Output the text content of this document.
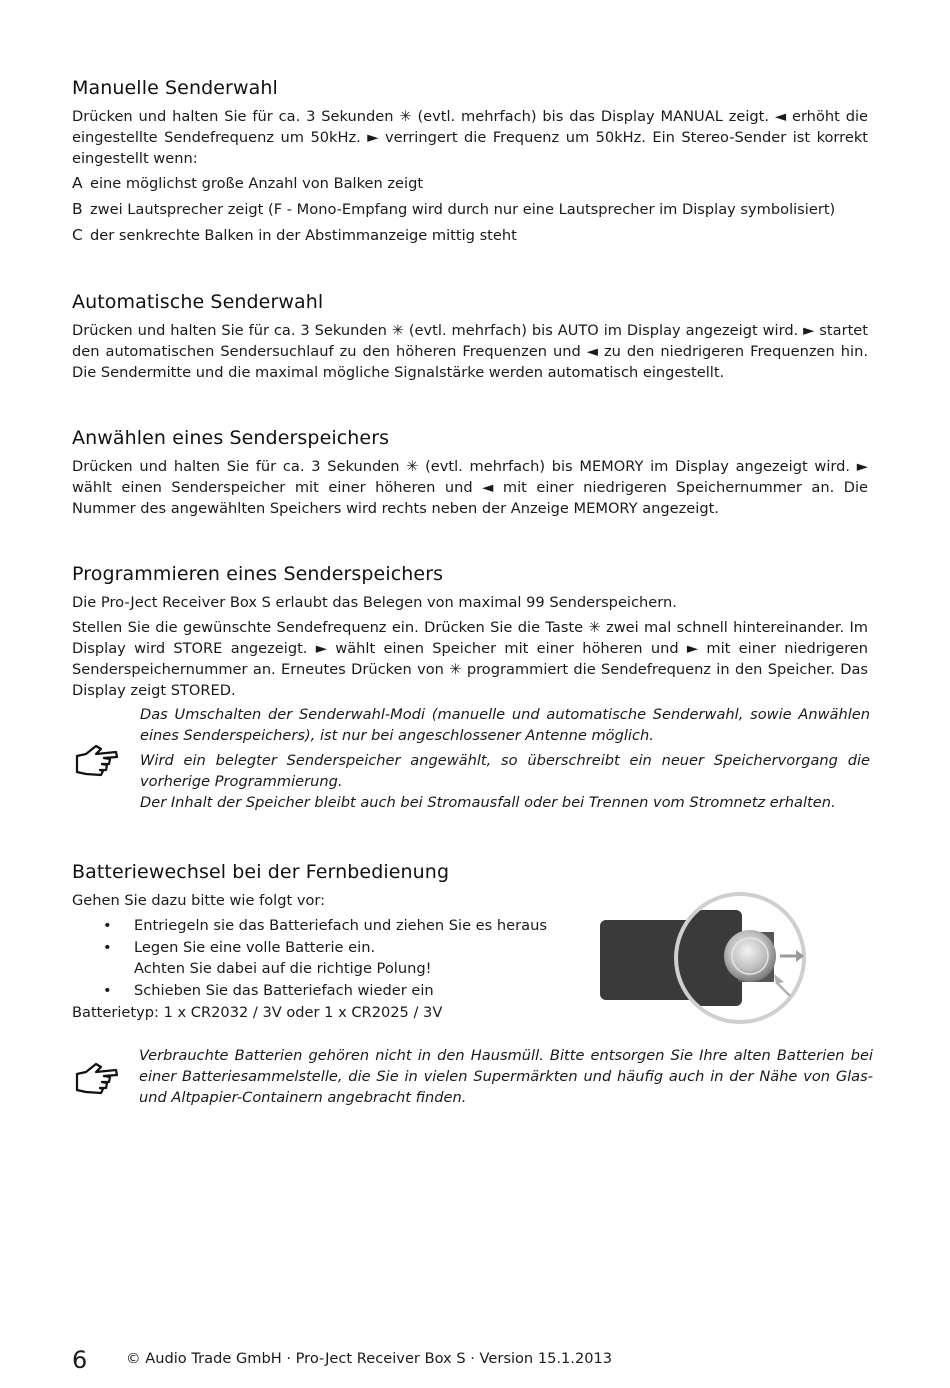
Manuelle Senderwahl

Drücken und halten Sie für ca. 3 Sekunden ✳ (evtl. mehrfach) bis das Display MANUAL zeigt. ◄ erhöht die eingestellte Sendefrequenz um 50kHz. ► verringert die Frequenz um 50kHz. Ein Stereo-Sender ist korrekt eingestellt wenn:

A eine möglichst große Anzahl von Balken zeigt
B zwei Lautsprecher zeigt (F - Mono-Empfang wird durch nur eine Lautsprecher im Display symbolisiert)
C der senkrechte Balken in der Abstimmanzeige mittig steht
Automatische Senderwahl

Drücken und halten Sie für ca. 3 Sekunden ✳ (evtl. mehrfach) bis AUTO im Display angezeigt wird. ► startet den automatischen Sendersuchlauf zu den höheren Frequenzen und ◄ zu den niedrigeren Frequenzen hin. Die Sendermitte und die maximal mögliche Signalstärke werden automatisch eingestellt.

Anwählen eines Senderspeichers

Drücken und halten Sie für ca. 3 Sekunden ✳ (evtl. mehrfach) bis MEMORY im Display angezeigt wird. ► wählt einen Senderspeicher mit einer höheren und ◄ mit einer niedrigeren Speichernummer an. Die Nummer des angewählten Speichers wird rechts neben der Anzeige MEMORY angezeigt.

Programmieren eines Senderspeichers

Die Pro-Ject Receiver Box S erlaubt das Belegen von maximal 99 Senderspeichern.

Stellen Sie die gewünschte Sendefrequenz ein. Drücken Sie die Taste ✳ zwei mal schnell hintereinander. Im Display wird STORE angezeigt. ► wählt einen Speicher mit einer höheren und ► mit einer niedrigeren Senderspeichernummer an. Erneutes Drücken von ✳ programmiert die Sendefrequenz in den Speicher. Das Display zeigt STORED.

Das Umschalten der Senderwahl-Modi (manuelle und automatische Senderwahl, sowie Anwählen eines Senderspeichers), ist nur bei angeschlossener Antenne möglich.

Wird ein belegter Senderspeicher angewählt, so überschreibt ein neuer Speichervorgang die vorherige Programmierung.

Der Inhalt der Speicher bleibt auch bei Stromausfall oder bei Trennen vom Stromnetz erhalten.

Batteriewechsel bei der Fernbedienung

Gehen Sie dazu bitte wie folgt vor:

• Entriegeln sie das Batteriefach und ziehen Sie es heraus
• Legen Sie eine volle Batterie ein.
Achten Sie dabei auf die richtige Polung!
• Schieben Sie das Batteriefach wieder ein

Batterietyp: 1 x CR2032 / 3V oder 1 x CR2025 / 3V

Verbrauchte Batterien gehören nicht in den Hausmüll. Bitte entsorgen Sie Ihre alten Batterien bei einer Batteriesammelstelle, die Sie in vielen Supermärkten und häufig auch in der Nähe von Glas- und Altpapier-Containern angebracht finden.

6	© Audio Trade GmbH · Pro-Ject Receiver Box S · Version 15.1.2013
